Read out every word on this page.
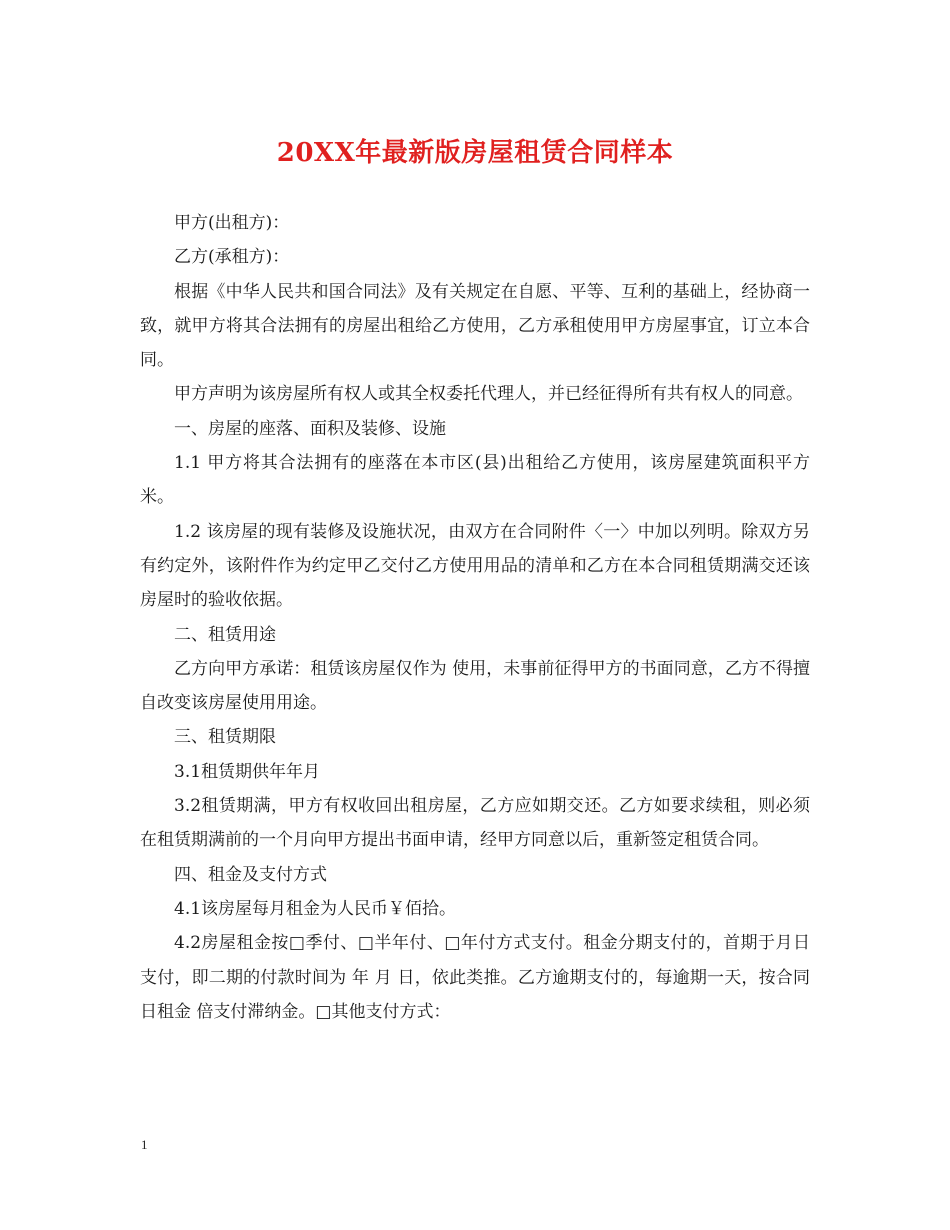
20XX年最新版房屋租赁合同样本

甲方(出租方)：

乙方(承租方)：

根据《中华人民共和国合同法》及有关规定在自愿、平等、互利的基础上，经协商一致，就甲方将其合法拥有的房屋出租给乙方使用，乙方承租使用甲方房屋事宜，订立本合同。

甲方声明为该房屋所有权人或其全权委托代理人，并已经征得所有共有权人的同意。

一、房屋的座落、面积及装修、设施

1.1 甲方将其合法拥有的座落在本市区(县)出租给乙方使用，该房屋建筑面积平方米。

1.2 该房屋的现有装修及设施状况，由双方在合同附件〈一〉中加以列明。除双方另有约定外，该附件作为约定甲乙交付乙方使用用品的清单和乙方在本合同租赁期满交还该房屋时的验收依据。

二、租赁用途

乙方向甲方承诺：租赁该房屋仅作为 使用，未事前征得甲方的书面同意，乙方不得擅自改变该房屋使用用途。

三、租赁期限

3.1租赁期供年年月

3.2租赁期满，甲方有权收回出租房屋，乙方应如期交还。乙方如要求续租，则必须在租赁期满前的一个月向甲方提出书面申请，经甲方同意以后，重新签定租赁合同。

四、租金及支付方式

4.1该房屋每月租金为人民币￥佰拾。

4.2房屋租金按□季付、□半年付、□年付方式支付。租金分期支付的，首期于月日支付，即二期的付款时间为 年 月 日，依此类推。乙方逾期支付的，每逾期一天，按合同日租金 倍支付滞纳金。□其他支付方式：

1
